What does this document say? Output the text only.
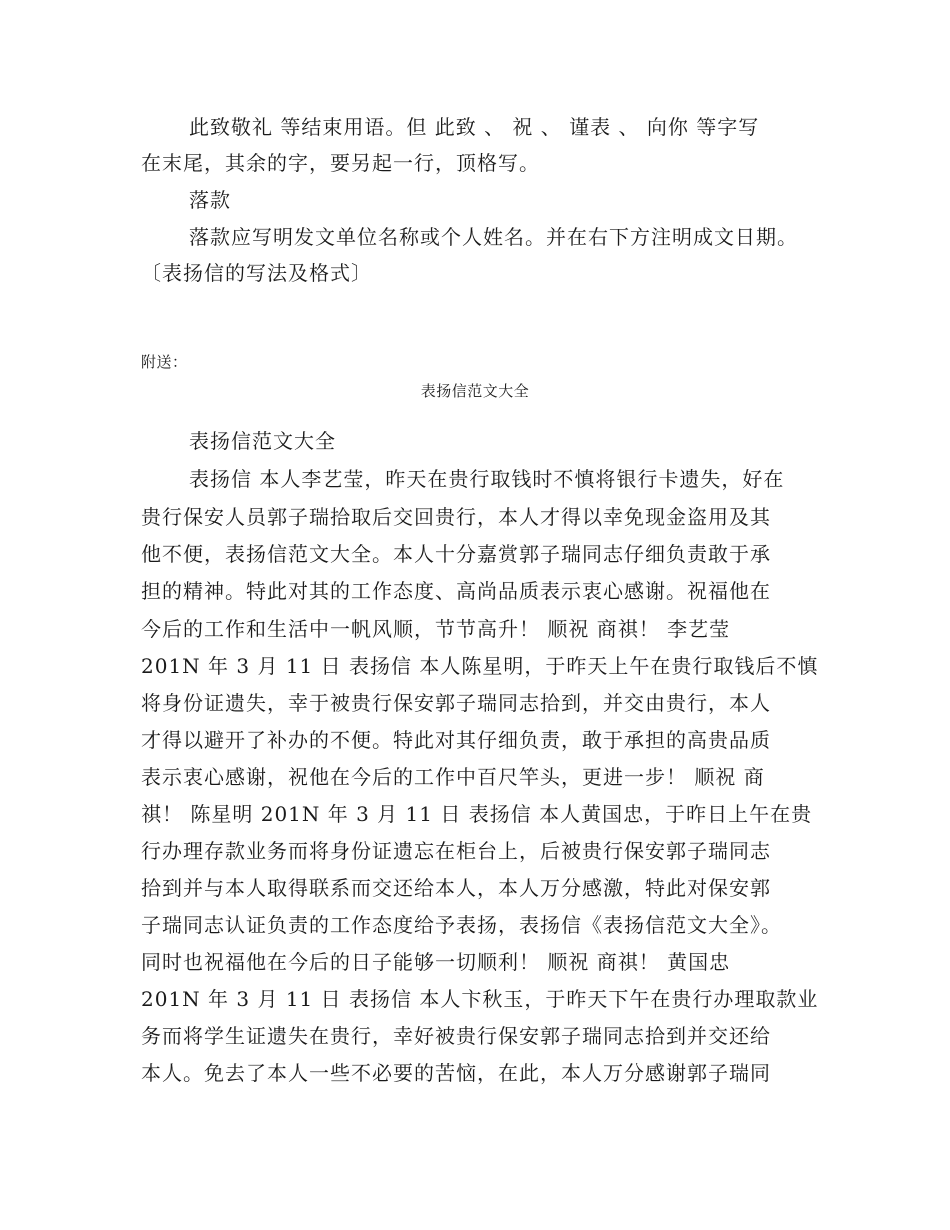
此致敬礼 等结束用语。但 此致 、 祝 、 谨表 、 向你 等字写
在末尾，其余的字，要另起一行，顶格写。
落款
落款应写明发文单位名称或个人姓名。并在右下方注明成文日期。
〔表扬信的写法及格式〕
附送：
表扬信范文大全
表扬信范文大全
表扬信 本人李艺莹，昨天在贵行取钱时不慎将银行卡遗失，好在
贵行保安人员郭子瑞拾取后交回贵行，本人才得以幸免现金盗用及其
他不便，表扬信范文大全。本人十分嘉赏郭子瑞同志仔细负责敢于承
担的精神。特此对其的工作态度、高尚品质表示衷心感谢。祝福他在
今后的工作和生活中一帆风顺，节节高升！ 顺祝 商祺！ 李艺莹
201N 年 3 月 11 日 表扬信 本人陈星明，于昨天上午在贵行取钱后不慎
将身份证遗失，幸于被贵行保安郭子瑞同志拾到，并交由贵行，本人
才得以避开了补办的不便。特此对其仔细负责，敢于承担的高贵品质
表示衷心感谢，祝他在今后的工作中百尺竿头，更进一步！ 顺祝 商
祺！ 陈星明 201N 年 3 月 11 日 表扬信 本人黄国忠，于昨日上午在贵
行办理存款业务而将身份证遗忘在柜台上，后被贵行保安郭子瑞同志
拾到并与本人取得联系而交还给本人，本人万分感激，特此对保安郭
子瑞同志认证负责的工作态度给予表扬，表扬信《表扬信范文大全》。
同时也祝福他在今后的日子能够一切顺利！ 顺祝 商祺！ 黄国忠
201N 年 3 月 11 日 表扬信 本人卞秋玉，于昨天下午在贵行办理取款业
务而将学生证遗失在贵行，幸好被贵行保安郭子瑞同志拾到并交还给
本人。免去了本人一些不必要的苦恼，在此，本人万分感谢郭子瑞同
